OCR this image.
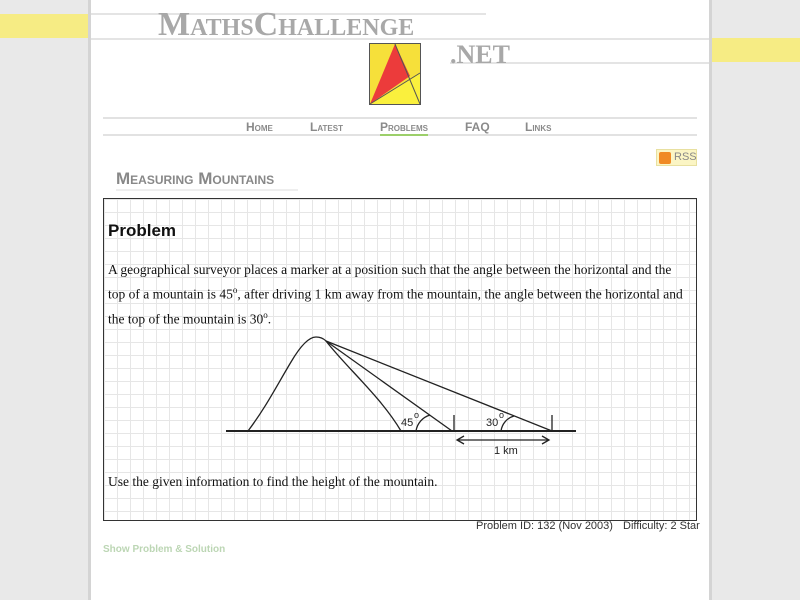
MathsChallenge
.NET
Home	Latest	Problems	FAQ	Links
RSS
Measuring Mountains
Problem

A geographical surveyor places a marker at a position such that the angle between the horizontal and the top of a mountain is 45$^o$, after driving 1 km away from the mountain, the angle between the horizontal and the top of the mountain is 30$^o$.

45
o
30
o
1 km

Use the given information to find the height of the mountain.

Problem ID: 132 (Nov 2003) Difficulty: 2 Star
Show Problem & Solution
